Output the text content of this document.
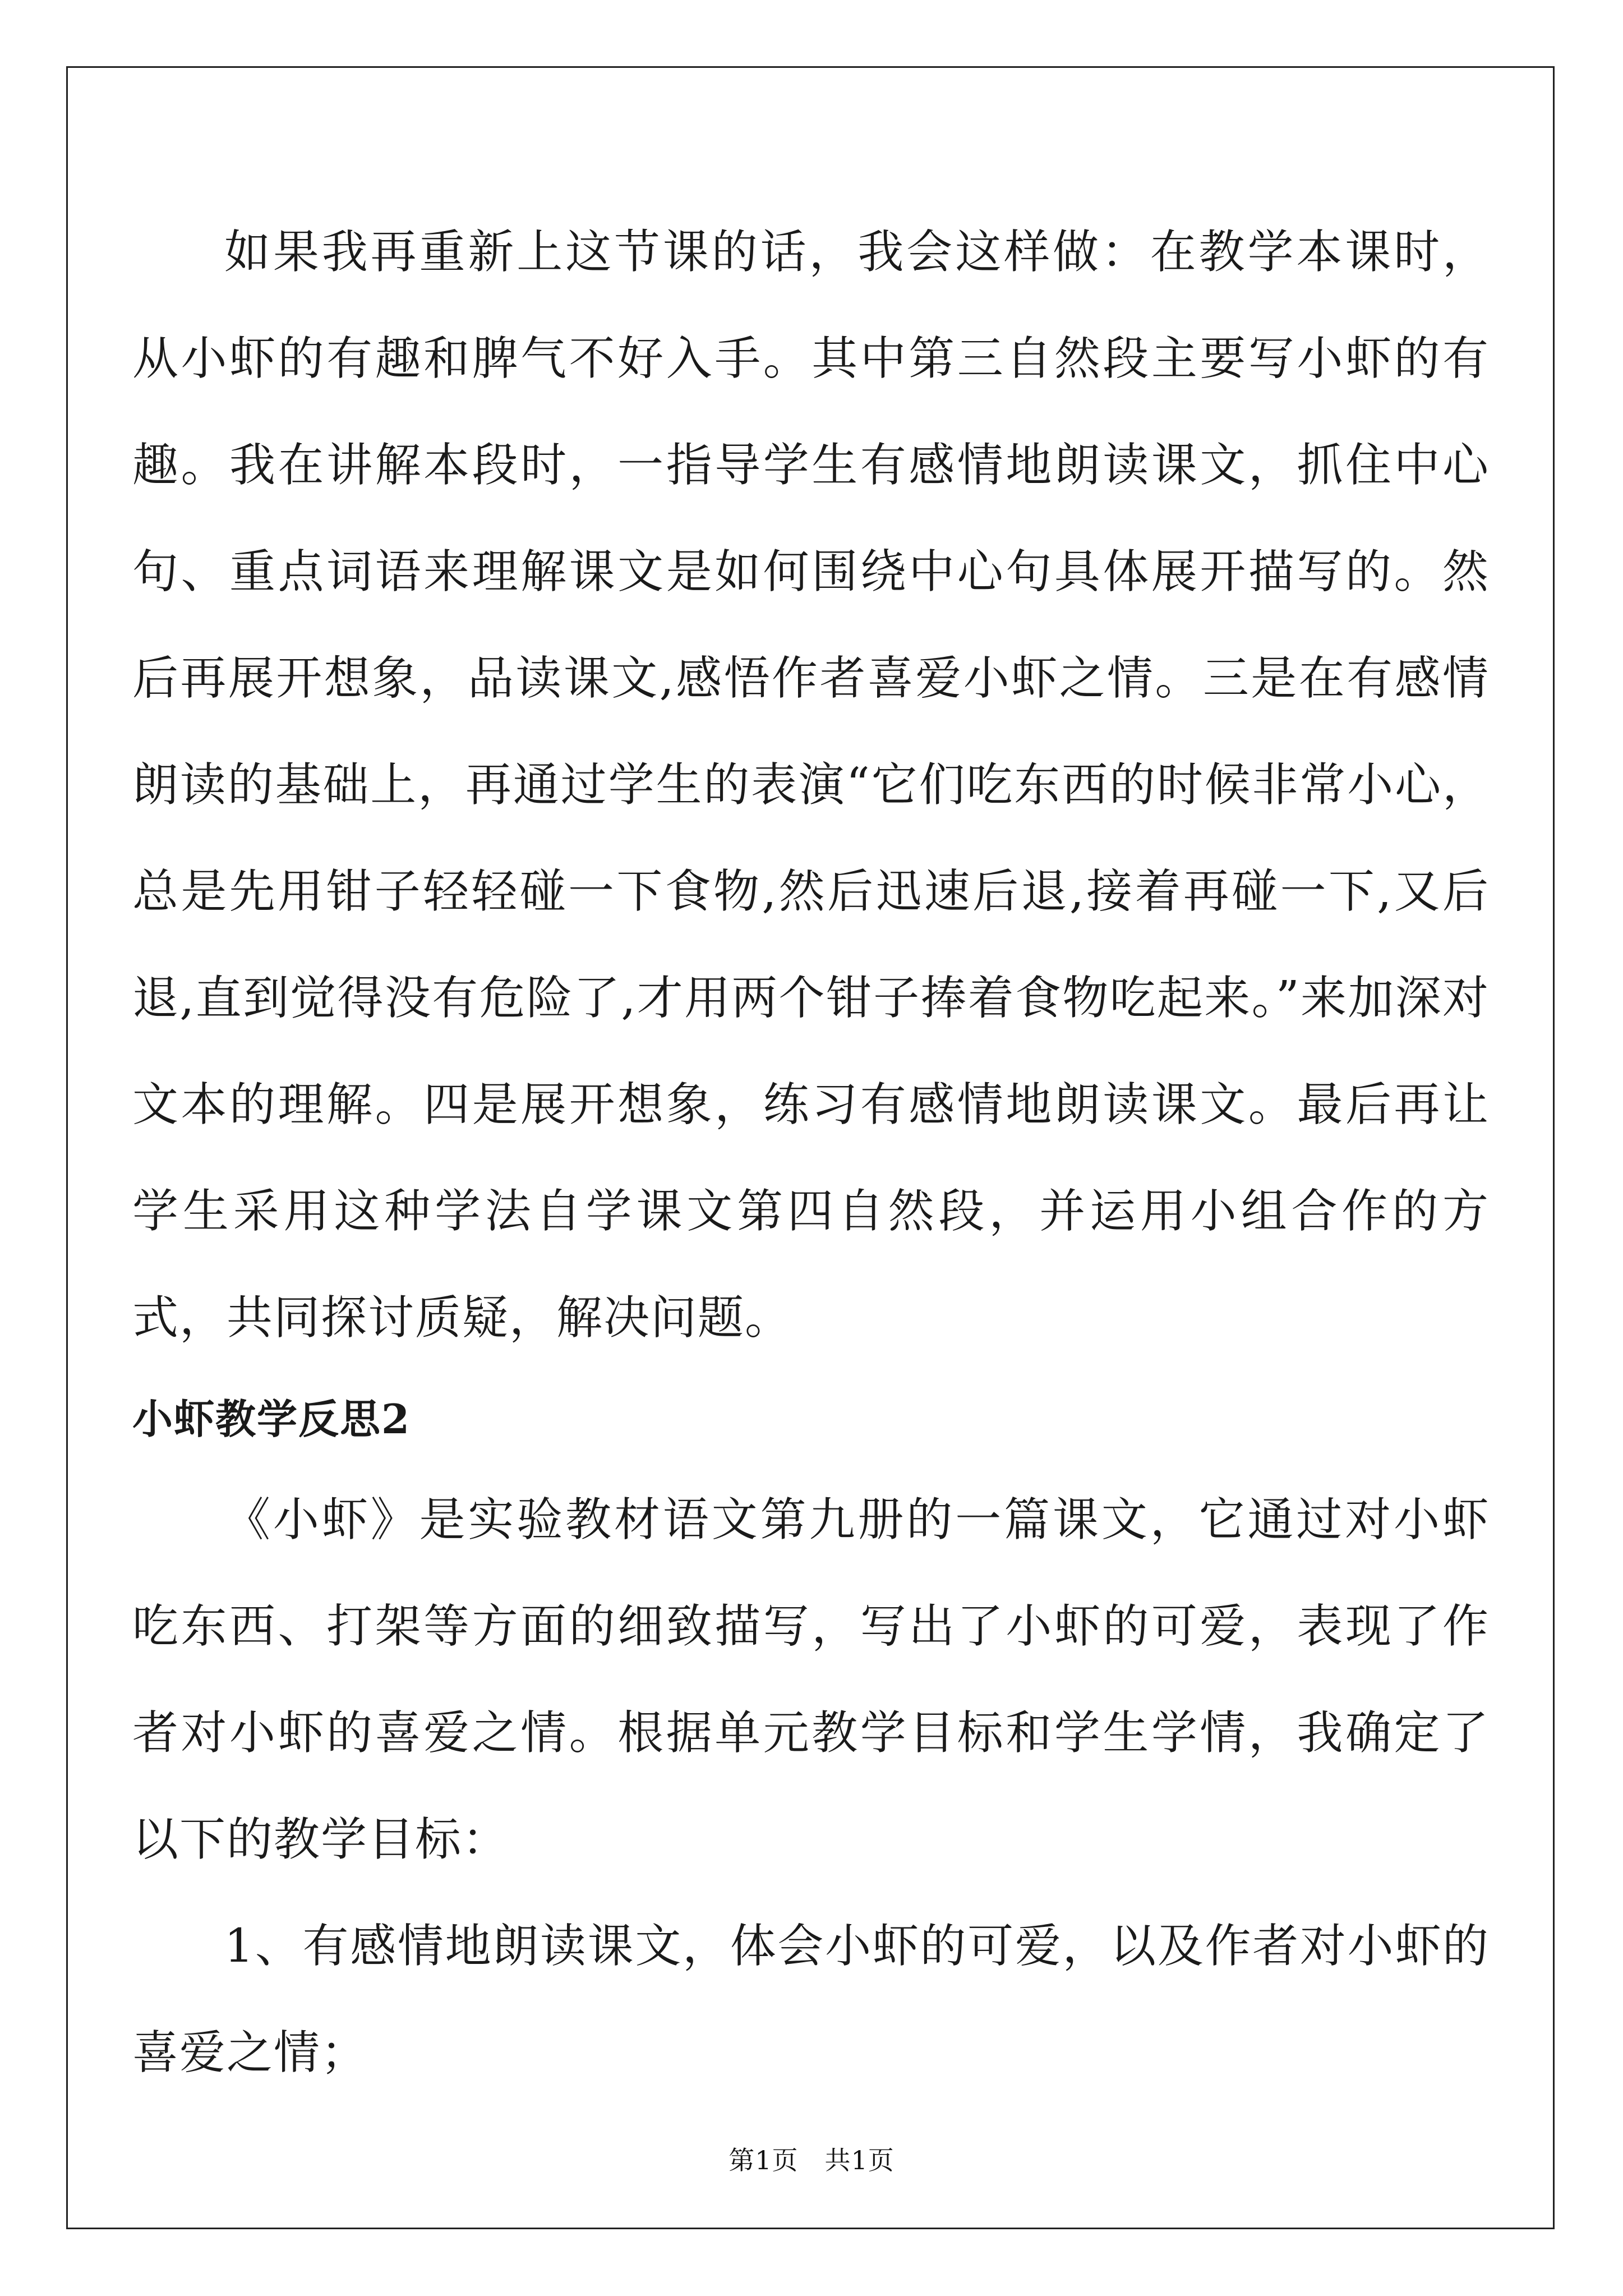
如果我再重新上这节课的话，我会这样做：在教学本课时，从小虾的有趣和脾气不好入手。其中第三自然段主要写小虾的有趣。我在讲解本段时，一指导学生有感情地朗读课文，抓住中心句、重点词语来理解课文是如何围绕中心句具体展开描写的。然后再展开想象，品读课文,感悟作者喜爱小虾之情。三是在有感情朗读的基础上，再通过学生的表演“它们吃东西的时候非常小心，总是先用钳子轻轻碰一下食物,然后迅速后退,接着再碰一下,又后退,直到觉得没有危险了,才用两个钳子捧着食物吃起来。”来加深对文本的理解。四是展开想象，练习有感情地朗读课文。最后再让学生采用这种学法自学课文第四自然段，并运用小组合作的方式，共同探讨质疑，解决问题。

小虾教学反思2

《小虾》是实验教材语文第九册的一篇课文，它通过对小虾吃东西、打架等方面的细致描写，写出了小虾的可爱，表现了作者对小虾的喜爱之情。根据单元教学目标和学生学情，我确定了以下的教学目标：

1、有感情地朗读课文，体会小虾的可爱，以及作者对小虾的喜爱之情；

第1页　共1页
